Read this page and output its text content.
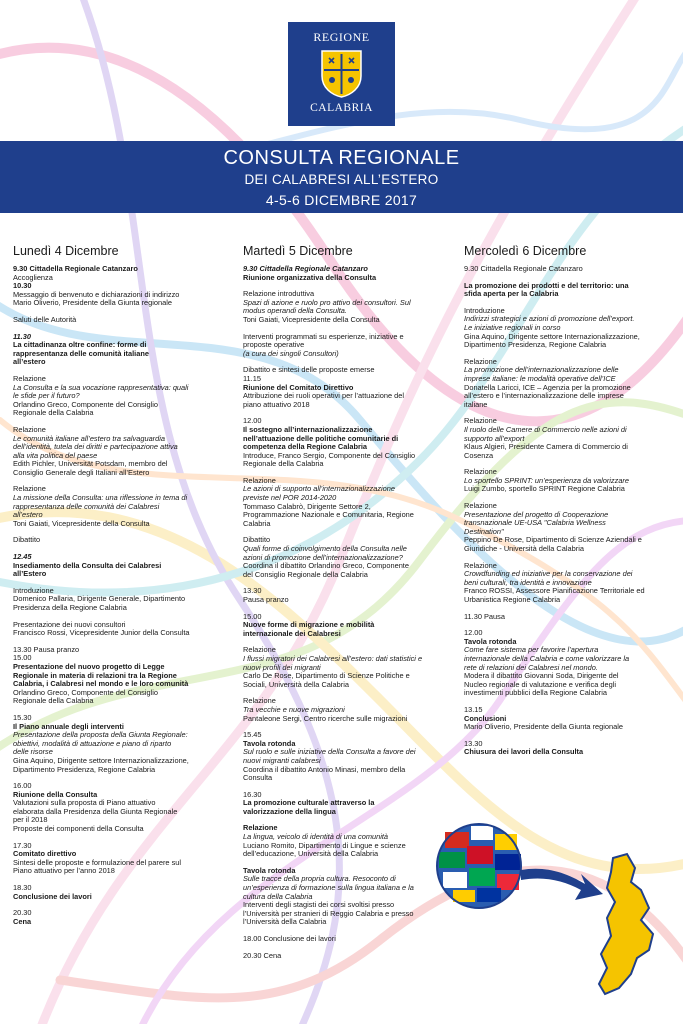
REGIONE
CALABRIA
CONSULTA REGIONALE
DEI CALABRESI ALL’ESTERO
4-5-6 DICEMBRE 2017
Lunedì 4 Dicembre
9.30 Cittadella Regionale Catanzaro
Accoglienza
10.30
Messaggio di benvenuto e dichiarazioni di indirizzo
Mario Oliverio, Presidente della Giunta regionale
Saluti delle Autorità
11.30
La cittadinanza oltre confine: forme di
rappresentanza delle comunità italiane
all’estero
Relazione
La Consulta e la sua vocazione rappresentativa: quali
le sfide per il futuro?
Orlandino Greco, Componente del Consiglio
Regionale della Calabria
Relazione
Le comunità italiane all’estero tra salvaguardia
dell’identità, tutela dei diritti e partecipazione attiva
alla vita politica del paese
Edith Pichler, Universität Potsdam, membro del
Consiglio Generale degli Italiani all’Estero
Relazione
La missione della Consulta: una riflessione in tema di
rappresentanza delle comunità dei Calabresi
all’estero
Toni Gaiati, Vicepresidente della Consulta
Dibattito
12.45
Insediamento della Consulta dei Calabresi
all’Estero
Introduzione
Domenico Pallaria, Dirigente Generale, Dipartimento
Presidenza della Regione Calabria
Presentazione dei nuovi consultori
Francisco Rossi, Vicepresidente Junior della Consulta
13.30 Pausa pranzo
15.00
Presentazione del nuovo progetto di Legge
Regionale in materia di relazioni tra la Regione
Calabria, i Calabresi nel mondo e le loro comunità
Orlandino Greco, Componente del Consiglio
Regionale della Calabria
15.30
Il Piano annuale degli interventi
Presentazione della proposta della Giunta Regionale:
obiettivi, modalità di attuazione e piano di riparto
delle risorse
Gina Aquino, Dirigente settore Internazionalizzazione,
Dipartimento Presidenza, Regione Calabria
16.00
Riunione della Consulta
Valutazioni sulla proposta di Piano attuativo
elaborata dalla Presidenza della Giunta Regionale
per il 2018
Proposte dei componenti della Consulta
17.30
Comitato direttivo
Sintesi delle proposte e formulazione del parere sul
Piano attuativo per l’anno 2018
18.30
Conclusione dei lavori
20.30
Cena
Martedì 5 Dicembre
9.30 Cittadella Regionale Catanzaro
Riunione organizzativa della Consulta
Relazione introduttiva
Spazi di azione e ruolo pro attivo dei consultori. Sul
modus operandi della Consulta.
Toni Gaiati, Vicepresidente della Consulta
Interventi programmati su esperienze, iniziative e
proposte operative
(a cura dei singoli Consultori)
Dibattito e sintesi delle proposte emerse
11.15
Riunione del Comitato Direttivo
Attribuzione dei ruoli operativi per l’attuazione del
piano attuativo 2018
12.00
Il sostegno all’internazionalizzazione
nell’attuazione delle politiche comunitarie di
competenza della Regione Calabria
Introduce, Franco Sergio, Componente del Consiglio
Regionale della Calabria
Relazione
Le azioni di supporto all’internazionalizzazione
previste nel POR 2014-2020
Tommaso Calabrò, Dirigente Settore 2,
Programmazione Nazionale e Comunitaria, Regione
Calabria
Dibattito
Quali forme di coinvolgimento della Consulta nelle
azioni di promozione dell’internazionalizzazione?
Coordina il dibattito Orlandino Greco, Componente
del Consiglio Regionale della Calabria
13.30
Pausa pranzo
15.00
Nuove forme di migrazione e mobilità
internazionale dei Calabresi
Relazione
I flussi migratori dei Calabresi all’estero: dati statistici e
nuovi profili dei migranti
Carlo De Rose, Dipartimento di Scienze Politiche e
Sociali, Università della Calabria
Relazione
Tra vecchie e nuove migrazioni
Pantaleone Sergi, Centro ricerche sulle migrazioni
15.45
Tavola rotonda
Sul ruolo e sulle iniziative della Consulta a favore dei
nuovi migranti calabresi
Coordina il dibattito Antonio Minasi, membro della
Consulta
16.30
La promozione culturale attraverso la
valorizzazione della lingua
Relazione
La lingua, veicolo di identità di una comunità
Luciano Romito, Dipartimento di Lingue e scienze
dell’educazione, Università della Calabria
Tavola rotonda
Sulle tracce della propria cultura. Resoconto di
un’esperienza di formazione sulla lingua italiana e la
cultura della Calabria
Interventi degli stagisti dei corsi svoltisi presso
l’Università per stranieri di Reggio Calabria e presso
l’Università della Calabria
18.00 Conclusione dei lavori
20.30 Cena
Mercoledì 6 Dicembre
9.30 Cittadella Regionale Catanzaro
La promozione dei prodotti e del territorio: una
sfida aperta per la Calabria
Introduzione
Indirizzi strategici e azioni di promozione dell’export.
Le iniziative regionali in corso
Gina Aquino, Dirigente settore Internazionalizzazione,
Dipartimento Presidenza, Regione Calabria
Relazione
La promozione dell’internazionalizzazione delle
imprese italiane: le modalità operative dell’ICE
Donatella Laricci, ICE – Agenzia per la promozione
all’estero e l’internazionalizzazione delle imprese
italiane
Relazione
Il ruolo delle Camere di Commercio nelle azioni di
supporto all’export
Klaus Algieri, Presidente Camera di Commercio di
Cosenza
Relazione
Lo sportello SPRINT: un’esperienza da valorizzare
Luigi Zumbo, sportello SPRINT Regione Calabria
Relazione
Presentazione del progetto di Cooperazione
transnazionale UE-USA "Calabria Wellness
Destination"
Peppino De Rose, Dipartimento di Scienze Aziendali e
Giuridiche - Università della Calabria
Relazione
Crowdfunding ed iniziative per la conservazione dei
beni culturali, tra identità e innovazione
Franco ROSSI, Assessore Pianificazione Territoriale ed
Urbanistica Regione Calabria
11.30 Pausa
12.00
Tavola rotonda
Come fare sistema per favorire l’apertura
internazionale della Calabria e come valorizzare la
rete di relazioni dei Calabresi nel mondo.
Modera il dibattito Giovanni Soda, Dirigente del
Nucleo regionale di valutazione e verifica degli
investimenti pubblici della Regione Calabria
13.15
Conclusioni
Mario Oliverio, Presidente della Giunta regionale
13.30
Chiusura dei lavori della Consulta
